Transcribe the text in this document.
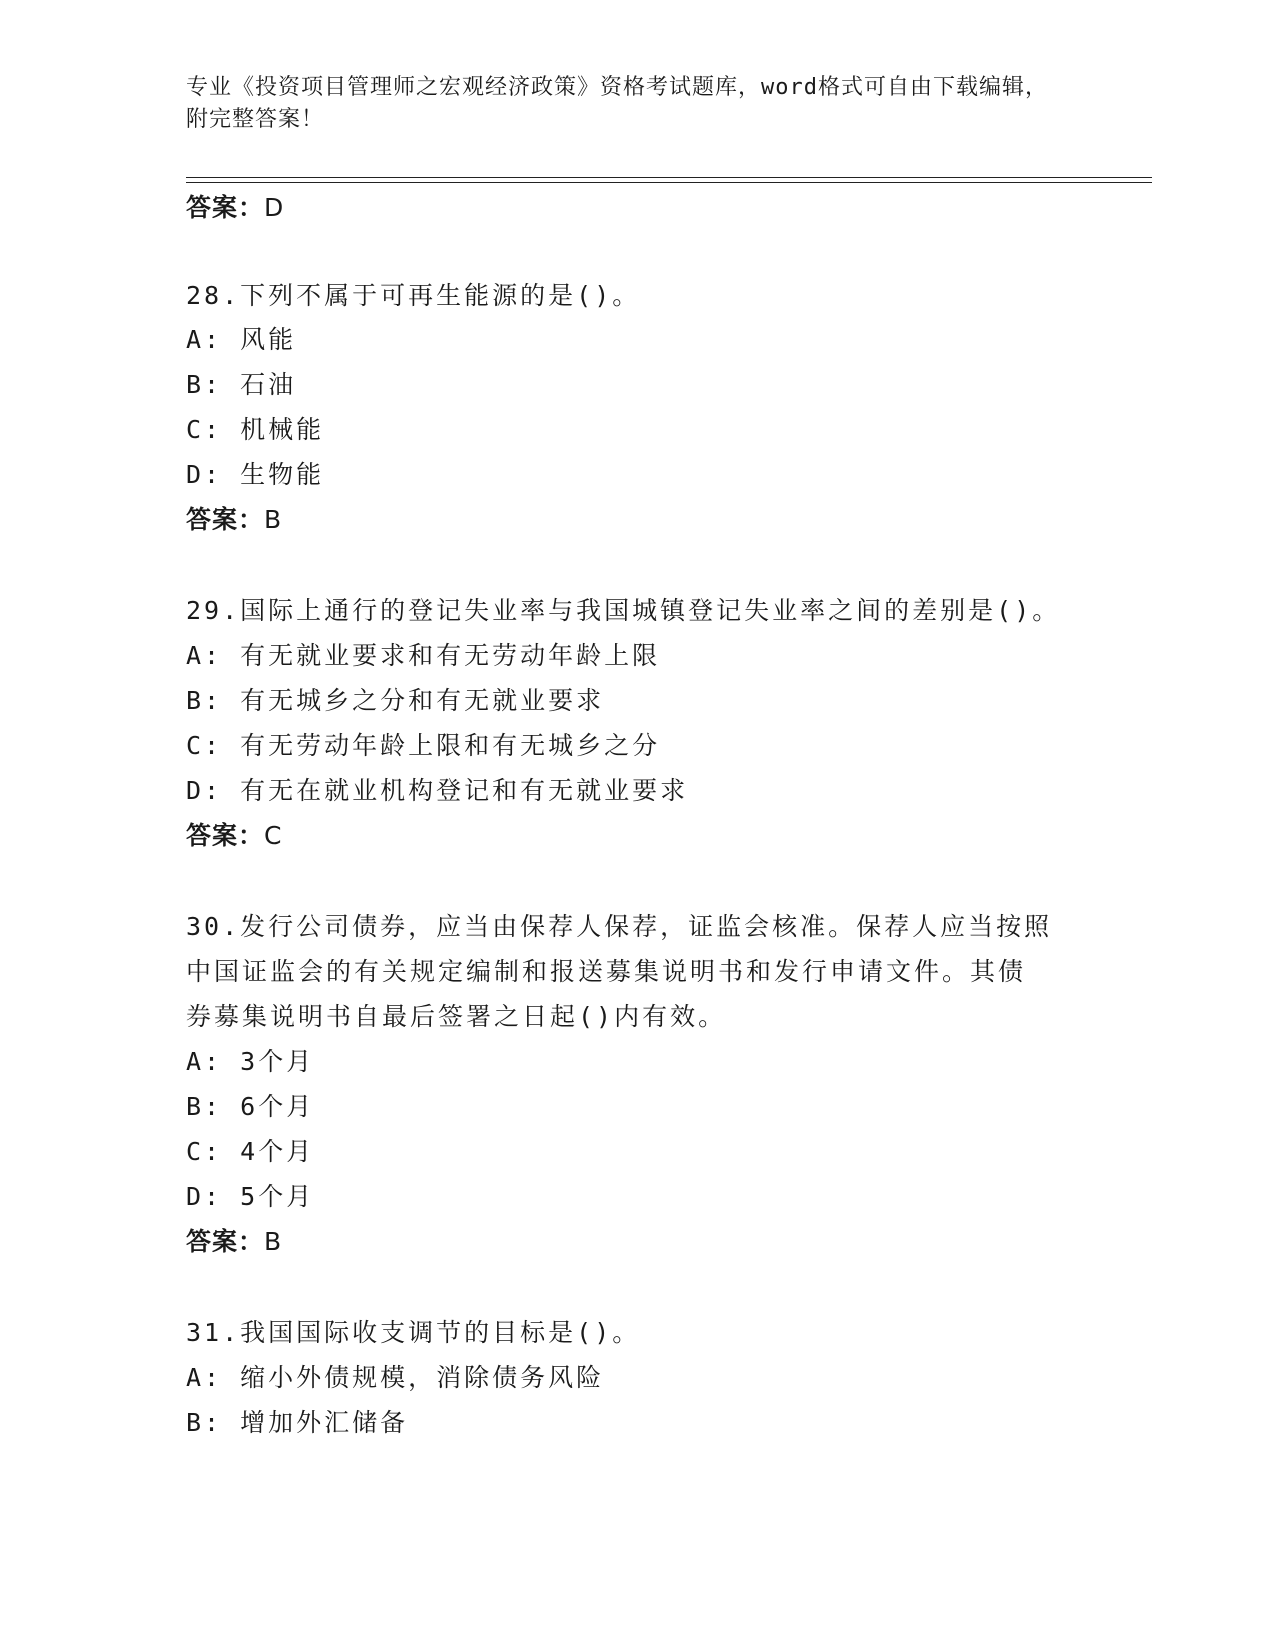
专业《投资项目管理师之宏观经济政策》资格考试题库，word格式可自由下载编辑，附完整答案！
答案：D
28.下列不属于可再生能源的是()。
A: 风能
B: 石油
C: 机械能
D: 生物能
答案：B
29.国际上通行的登记失业率与我国城镇登记失业率之间的差别是()。
A: 有无就业要求和有无劳动年龄上限
B: 有无城乡之分和有无就业要求
C: 有无劳动年龄上限和有无城乡之分
D: 有无在就业机构登记和有无就业要求
答案：C
30.发行公司债券，应当由保荐人保荐，证监会核准。保荐人应当按照
中国证监会的有关规定编制和报送募集说明书和发行申请文件。其债
券募集说明书自最后签署之日起()内有效。
A: 3个月
B: 6个月
C: 4个月
D: 5个月
答案：B
31.我国国际收支调节的目标是()。
A: 缩小外债规模，消除债务风险
B: 增加外汇储备
